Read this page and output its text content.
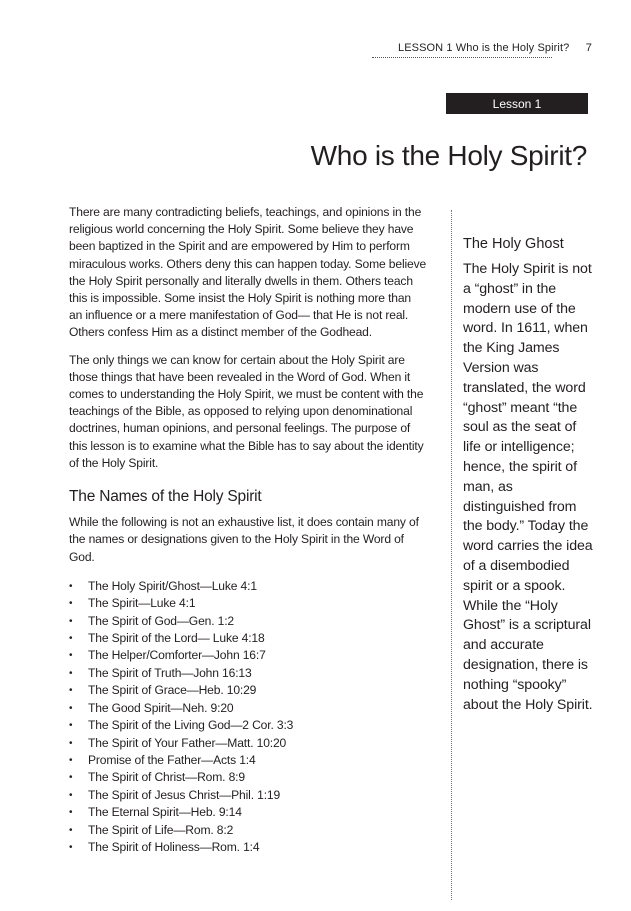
LESSON 1 Who is the Holy Spirit? 7
Lesson 1
Who is the Holy Spirit?

There are many contradicting beliefs, teachings, and opinions in the religious world concerning the Holy Spirit. Some believe they have been baptized in the Spirit and are empowered by Him to perform miraculous works. Others deny this can happen today. Some believe the Holy Spirit personally and literally dwells in them. Others teach this is impossible. Some insist the Holy Spirit is nothing more than an influence or a mere manifestation of God— that He is not real. Others confess Him as a distinct member of the Godhead.

The only things we can know for certain about the Holy Spirit are those things that have been revealed in the Word of God. When it comes to understanding the Holy Spirit, we must be content with the teachings of the Bible, as opposed to relying upon denominational doctrines, human opinions, and personal feelings. The purpose of this lesson is to examine what the Bible has to say about the identity of the Holy Spirit.

The Names of the Holy Spirit

While the following is not an exhaustive list, it does contain many of the names or designations given to the Holy Spirit in the Word of God.

• The Holy Spirit/Ghost—Luke 4:1
• The Spirit—Luke 4:1
• The Spirit of God—Gen. 1:2
• The Spirit of the Lord— Luke 4:18
• The Helper/Comforter—John 16:7
• The Spirit of Truth—John 16:13
• The Spirit of Grace—Heb. 10:29
• The Good Spirit—Neh. 9:20
• The Spirit of the Living God—2 Cor. 3:3
• The Spirit of Your Father—Matt. 10:20
• Promise of the Father—Acts 1:4
• The Spirit of Christ—Rom. 8:9
• The Spirit of Jesus Christ—Phil. 1:19
• The Eternal Spirit—Heb. 9:14
• The Spirit of Life—Rom. 8:2
• The Spirit of Holiness—Rom. 1:4
The Holy Ghost

The Holy Spirit is not a “ghost” in the modern use of the word. In 1611, when the King James Version was translated, the word “ghost” meant “the soul as the seat of life or intelligence; hence, the spirit of man, as distinguished from the body.” Today the word carries the idea of a disembodied spirit or a spook. While the “Holy Ghost” is a scriptural and accurate designation, there is nothing “spooky” about the Holy Spirit.
